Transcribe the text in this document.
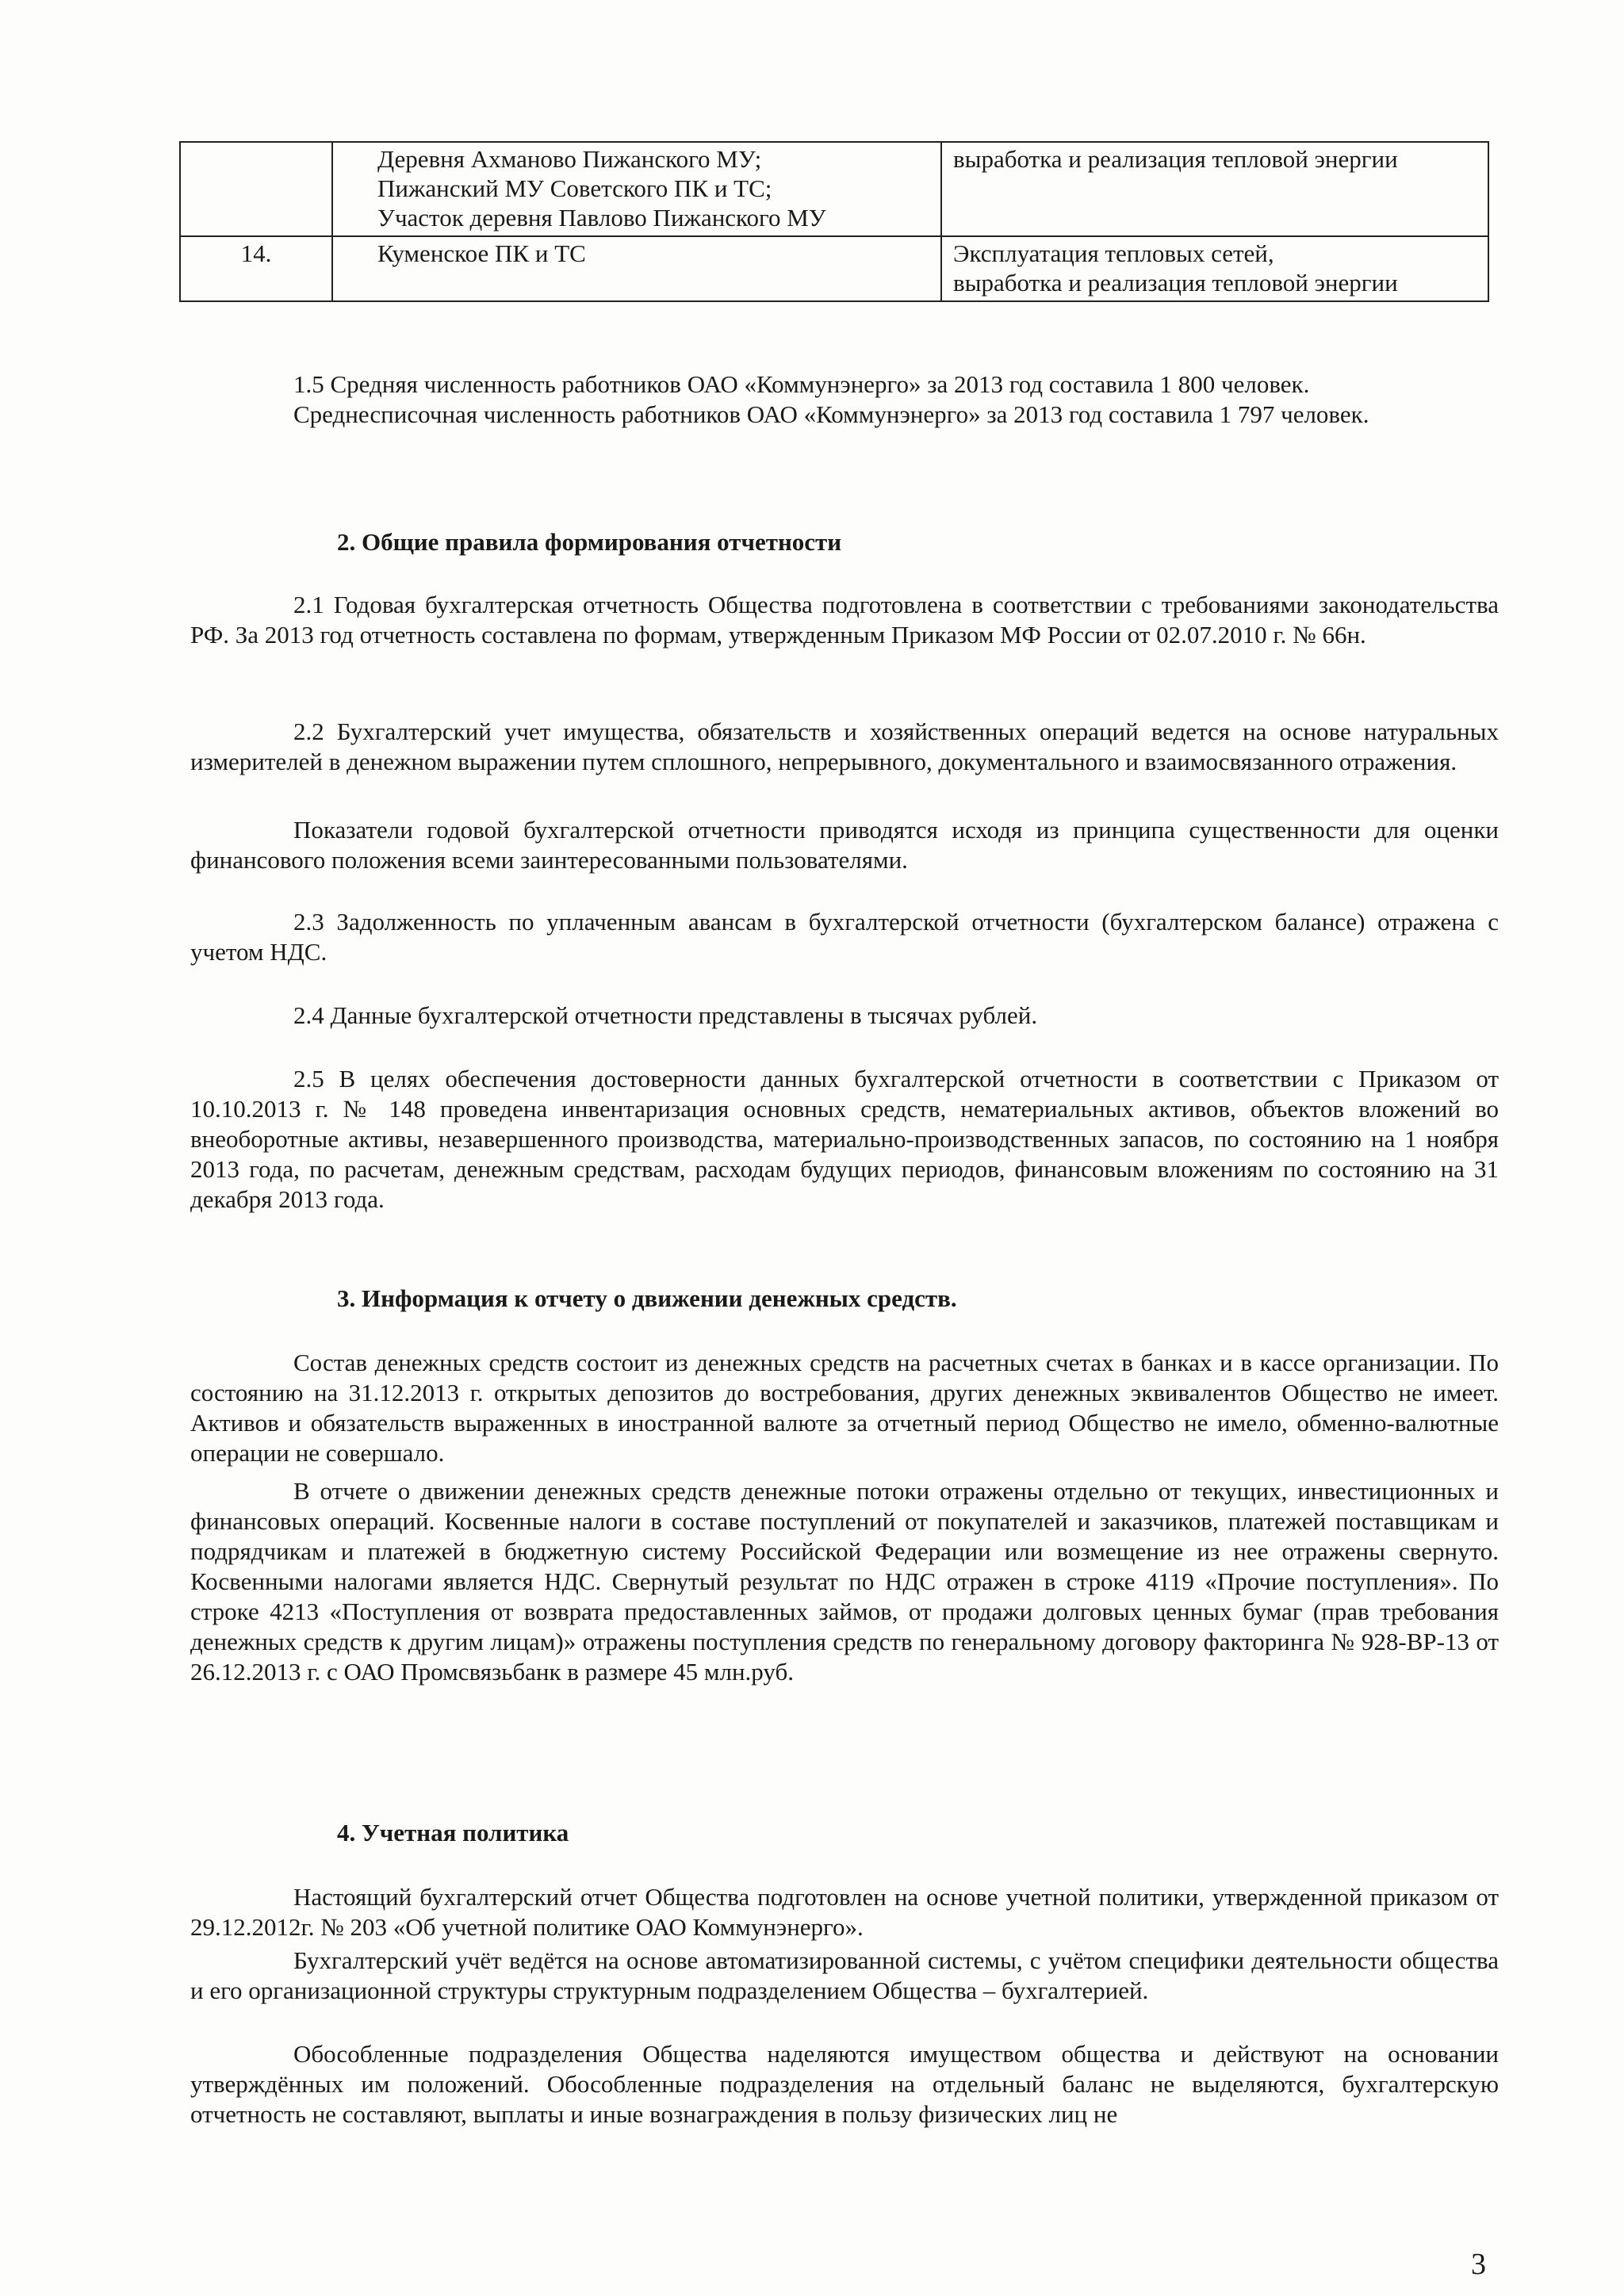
	Деревня Ахманово Пижанского МУ;
Пижанский МУ Советского ПК и ТС;
Участок деревня Павлово Пижанского МУ	выработка и реализация тепловой энергии

14.	Куменское ПК и ТС	Эксплуатация тепловых сетей,
выработка и реализация тепловой энергии

1.5 Средняя численность работников ОАО «Коммунэнерго» за 2013 год составила 1 800 человек.

Среднесписочная численность работников ОАО «Коммунэнерго» за 2013 год составила 1 797 человек.

2. Общие правила формирования отчетности

2.1 Годовая бухгалтерская отчетность Общества подготовлена в соответствии с требованиями законодательства РФ. За 2013 год отчетность составлена по формам, утвержденным Приказом МФ России от 02.07.2010 г. № 66н.

2.2 Бухгалтерский учет имущества, обязательств и хозяйственных операций ведется на основе натуральных измерителей в денежном выражении путем сплошного, непрерывного, документального и взаимосвязанного отражения.

Показатели годовой бухгалтерской отчетности приводятся исходя из принципа существенности для оценки финансового положения всеми заинтересованными пользователями.

2.3 Задолженность по уплаченным авансам в бухгалтерской отчетности (бухгалтерском балансе) отражена с учетом НДС.

2.4 Данные бухгалтерской отчетности представлены в тысячах рублей.

2.5 В целях обеспечения достоверности данных бухгалтерской отчетности в соответствии с Приказом от 10.10.2013 г. № 148 проведена инвентаризация основных средств, нематериальных активов, объектов вложений во внеоборотные активы, незавершенного производства, материально-производственных запасов, по состоянию на 1 ноября 2013 года, по расчетам, денежным средствам, расходам будущих периодов, финансовым вложениям по состоянию на 31 декабря 2013 года.

3. Информация к отчету о движении денежных средств.

Состав денежных средств состоит из денежных средств на расчетных счетах в банках и в кассе организации. По состоянию на 31.12.2013 г. открытых депозитов до востребования, других денежных эквивалентов Общество не имеет. Активов и обязательств выраженных в иностранной валюте за отчетный период Общество не имело, обменно-валютные операции не совершало.

В отчете о движении денежных средств денежные потоки отражены отдельно от текущих, инвестиционных и финансовых операций. Косвенные налоги в составе поступлений от покупателей и заказчиков, платежей поставщикам и подрядчикам и платежей в бюджетную систему Российской Федерации или возмещение из нее отражены свернуто. Косвенными налогами является НДС. Свернутый результат по НДС отражен в строке 4119 «Прочие поступления». По строке 4213 «Поступления от возврата предоставленных займов, от продажи долговых ценных бумаг (прав требования денежных средств к другим лицам)» отражены поступления средств по генеральному договору факторинга № 928-ВР-13 от 26.12.2013 г. с ОАО Промсвязьбанк в размере 45 млн.руб.

4. Учетная политика

Настоящий бухгалтерский отчет Общества подготовлен на основе учетной политики, утвержденной приказом от 29.12.2012г. № 203 «Об учетной политике ОАО Коммунэнерго».

Бухгалтерский учёт ведётся на основе автоматизированной системы, с учётом специфики деятельности общества и его организационной структуры структурным подразделением Общества – бухгалтерией.

Обособленные подразделения Общества наделяются имуществом общества и действуют на основании утверждённых им положений. Обособленные подразделения на отдельный баланс не выделяются, бухгалтерскую отчетность не составляют, выплаты и иные вознаграждения в пользу физических лиц не

3
